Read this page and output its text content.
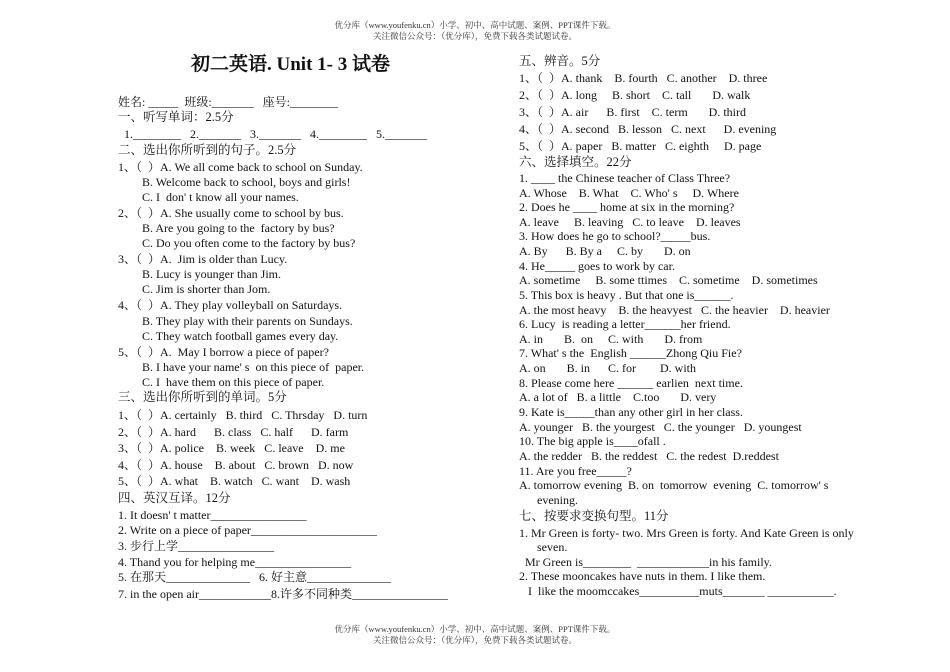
优分库（www.youfenku.cn）小学、初中、高中试题、案例、PPT课件下载。
关注微信公众号：（优分库），免费下载各类试题试卷。
初二英语. Unit 1- 3 试卷
姓名: _____  班级:_______   座号:________
一、听写单词：2.5分
1.________   2._______   3._______   4.________   5._______
二、选出你所听到的句子。2.5分
1、（  ）A. We all come back to school on Sunday.
B. Welcome back to school, boys and girls!
C. I  don' t know all your names.
2、（  ）A. She usually come to school by bus.
B. Are you going to the  factory by bus?
C. Do you often come to the factory by bus?
3、（  ）A.  Jim is older than Lucy.
B. Lucy is younger than Jim.
C. Jim is shorter than Jom.
4、（  ）A. They play volleyball on Saturdays.
B. They play with their parents on Sundays.
C. They watch football games every day.
5、（  ）A.  May I borrow a piece of paper?
B. I have your name' s  on this piece of  paper.
C. I  have them on this piece of paper.
三、选出你所听到的单词。5分
1、（  ）A. certainly   B. third   C. Thrsday   D. turn
2、（  ）A. hard      B. class   C. half      D. farm
3、（  ）A. police    B. week   C. leave    D. me
4、（  ）A. house    B. about   C. brown   D. now
5、（  ）A. what    B. watch   C. want    D. wash
四、英汉互译。12分
1. It doesn' t matter________________
2. Write on a piece of paper_____________________
3. 步行上学________________
4. Thand you for helping me________________
5. 在那天______________   6. 好主意______________
7. in the open air____________8.许多不同种类________________
五、辨音。5分
1、（  ）A. thank    B. fourth   C. another    D. three
2、（  ）A. long     B. short    C. tall       D. walk
3、（  ）A. air      B. first    C. term       D. third
4、（  ）A. second   B. lesson   C. next      D. evening
5、（  ）A. paper   B. matter   C. eighth     D. page
六、选择填空。22分
1. ____ the Chinese teacher of Class Three?
A. Whose    B. What    C. Who' s     D. Where
2. Does he ____ home at six in the morning?
A. leave     B. leaving   C. to leave    D. leaves
3. How does he go to school?_____bus.
A. By      B. By a     C. by       D. on
4. He_____ goes to work by car.
A. sometime     B. some ttimes    C. sometime    D. sometimes
5. This box is heavy . But that one is______.
A. the most heavy    B. the heavyest   C. the heavier    D. heavier
6. Lucy  is reading a letter______her friend.
A. in       B.  on     C. with       D. from
7. What' s the  English ______Zhong Qiu Fie?
A. on       B. in      C. for        D. with
8. Please come here ______ earlien  next time.
A. a lot of   B. a little    C.too       D. very
9. Kate is_____than any other girl in her class.
A. younger   B. the yourgest   C. the younger   D. youngest
10. The big apple is____ofall .
A. the redder   B. the reddest   C. the redest  D.reddest
11. Are you free_____?
A. tomorrow evening  B. on  tomorrow  evening  C. tomorrow' s
evening.
七、按要求变换句型。11分
1. Mr Green is forty- two. Mrs Green is forty. And Kate Green is only
seven.
Mr Green is________  ____________in his family.
2. These mooncakes have nuts in them. I like them.
I  like the moomccakes__________muts_______ ___________.
优分库（www.youfenku.cn）小学、初中、高中试题、案例、PPT课件下载。
关注微信公众号：（优分库），免费下载各类试题试卷。
